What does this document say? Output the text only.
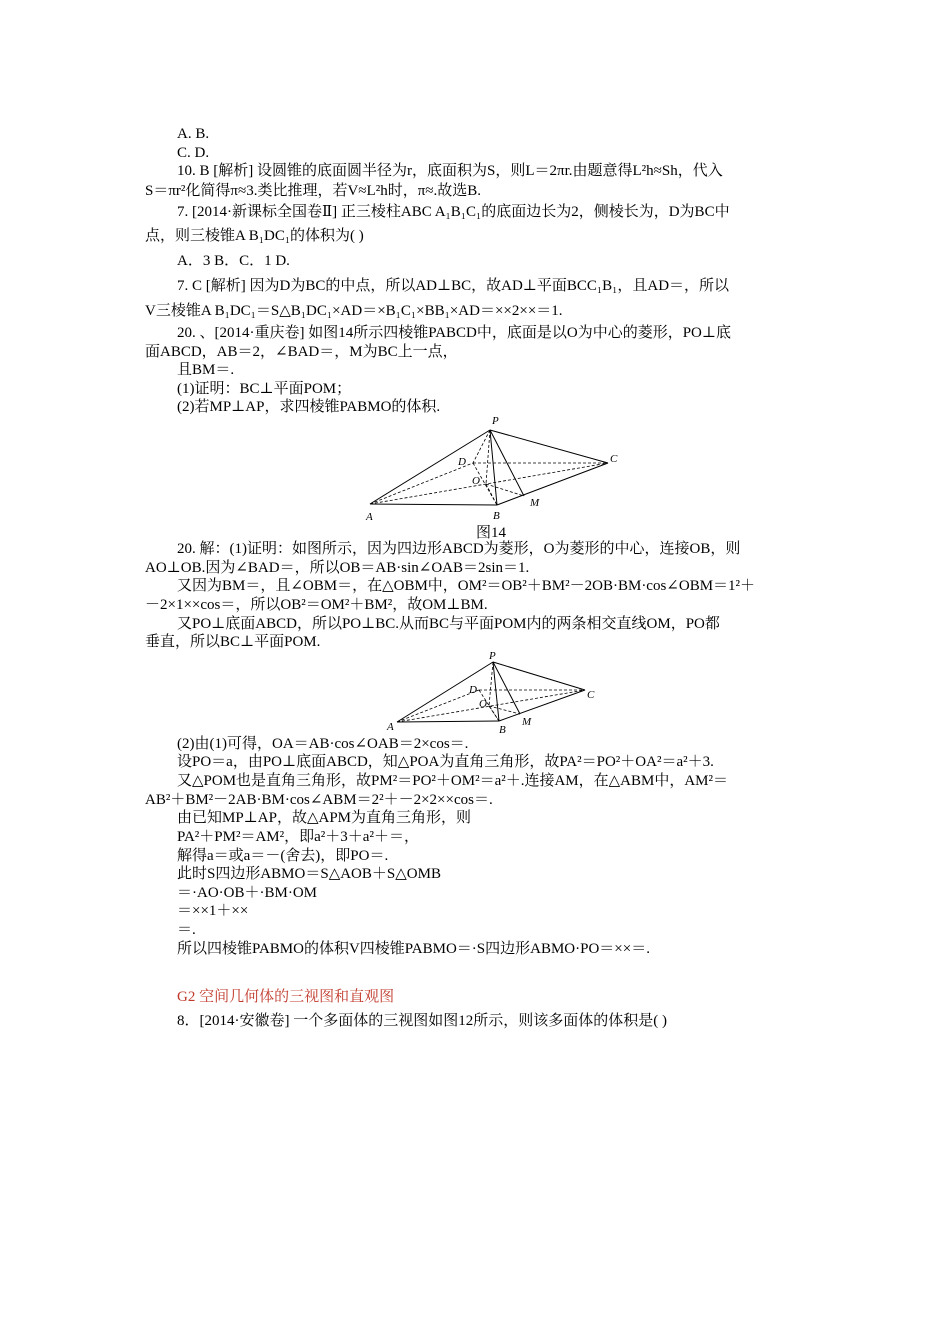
A. B.
C. D.
10. B [解析] 设圆锥的底面圆半径为r，底面积为S，则L＝2πr.由题意得L²h≈Sh，代入
S＝πr²化简得π≈3.类比推理，若V≈L²h时，π≈.故选B.
7. [2014·新课标全国卷Ⅱ] 正三棱柱ABC A₁B₁C₁的底面边长为2，侧棱长为，D为BC中
点，则三棱锥A B₁DC₁的体积为( )
A．3 B．C．1 D.
7. C [解析] 因为D为BC的中点，所以AD⊥BC，故AD⊥平面BCC₁B₁，且AD＝，所以
V三棱锥A B₁DC₁＝S△B₁DC₁×AD＝×B₁C₁×BB₁×AD＝××2××＝1.
20. 、[2014·重庆卷] 如图14所示四棱锥PABCD中，底面是以O为中心的菱形，PO⊥底
面ABCD，AB＝2，∠BAD＝，M为BC上一点，
且BM＝.
(1)证明：BC⊥平面POM；
(2)若MP⊥AP，求四棱锥PABMO的体积.
20. 解：(1)证明：如图所示，因为四边形ABCD为菱形，O为菱形的中心，连接OB，则
AO⊥OB.因为∠BAD＝，所以OB＝AB·sin∠OAB＝2sin＝1.
又因为BM＝，且∠OBM＝，在△OBM中，OM²＝OB²＋BM²－2OB·BM·cos∠OBM＝1²＋
－2×1××cos＝，所以OB²＝OM²＋BM²，故OM⊥BM.
又PO⊥底面ABCD，所以PO⊥BC.从而BC与平面POM内的两条相交直线OM，PO都
垂直，所以BC⊥平面POM.
(2)由(1)可得，OA＝AB·cos∠OAB＝2×cos＝.
设PO＝a，由PO⊥底面ABCD，知△POA为直角三角形，故PA²＝PO²＋OA²＝a²＋3.
又△POM也是直角三角形，故PM²＝PO²＋OM²＝a²＋.连接AM，在△ABM中，AM²＝
AB²＋BM²－2AB·BM·cos∠ABM＝2²＋－2×2××cos＝.
由已知MP⊥AP，故△APM为直角三角形，则
PA²＋PM²＝AM²，即a²＋3＋a²＋＝，
解得a＝或a＝－(舍去)，即PO＝.
此时S四边形ABMO＝S△AOB＋S△OMB
＝·AO·OB＋·BM·OM
＝××1＋××
＝.
所以四棱锥PABMO的体积V四棱锥PABMO＝·S四边形ABMO·PO＝××＝.
G2 空间几何体的三视图和直观图
8．[2014·安徽卷] 一个多面体的三视图如图12所示，则该多面体的体积是( )
P
D	C
O
M
A	B
图14
P
D	C
O
M
A	B
